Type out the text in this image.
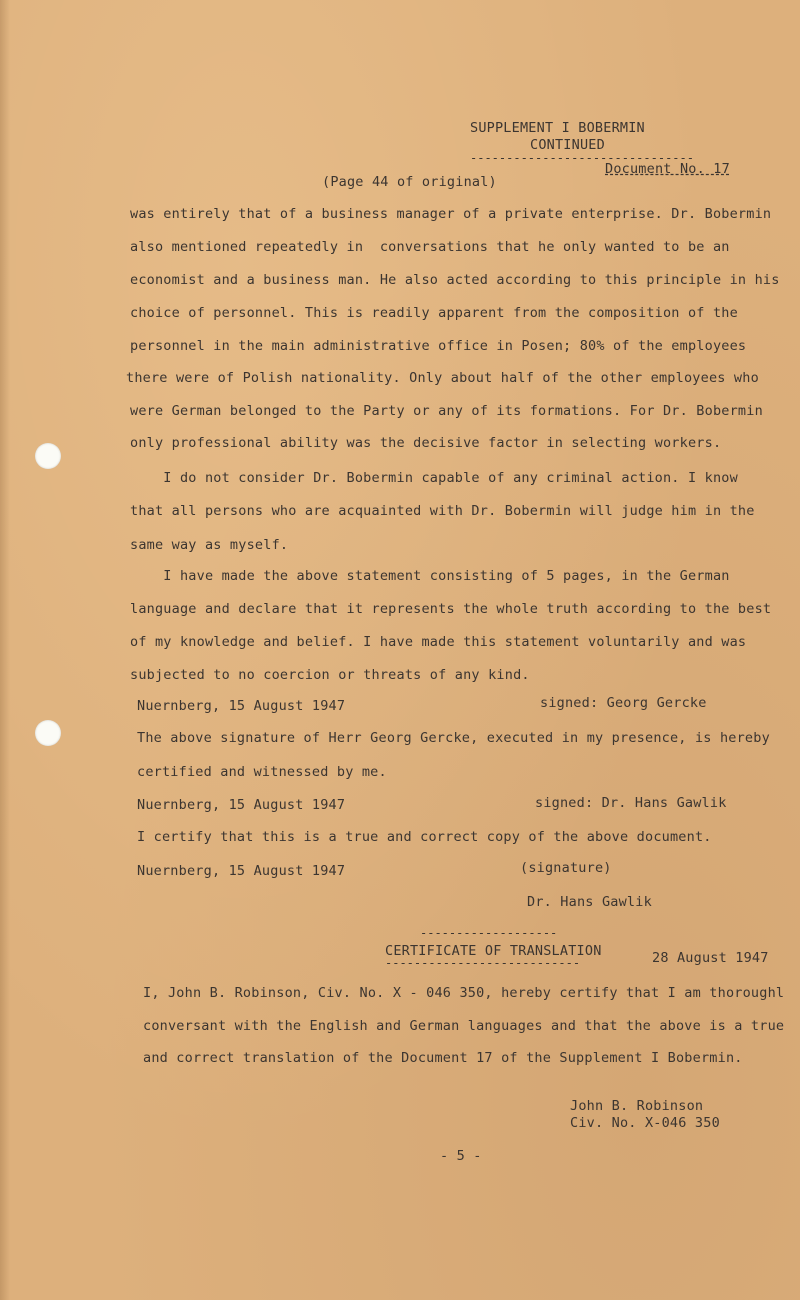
SUPPLEMENT I BOBERMIN

CONTINUED

-------------------------------

Document No. 17

(Page 44 of original)

was entirely that of a business manager of a private enterprise. Dr. Bobermin

also mentioned repeatedly in  conversations that he only wanted to be an

economist and a business man. He also acted according to this principle in his

choice of personnel. This is readily apparent from the composition of the

personnel in the main administrative office in Posen; 80% of the employees

there were of Polish nationality. Only about half of the other employees who

were German belonged to the Party or any of its formations. For Dr. Bobermin

only professional ability was the decisive factor in selecting workers.

I do not consider Dr. Bobermin capable of any criminal action. I know

that all persons who are acquainted with Dr. Bobermin will judge him in the

same way as myself.

I have made the above statement consisting of 5 pages, in the German

language and declare that it represents the whole truth according to the best

of my knowledge and belief. I have made this statement voluntarily and was

subjected to no coercion or threats of any kind.

Nuernberg, 15 August 1947	signed: Georg Gercke

The above signature of Herr Georg Gercke, executed in my presence, is hereby

certified and witnessed by me.

Nuernberg, 15 August 1947	signed: Dr. Hans Gawlik

I certify that this is a true and correct copy of the above document.

Nuernberg, 15 August 1947	(signature)

Dr. Hans Gawlik

-------------------

CERTIFICATE OF TRANSLATION

---------------------------	28 August 1947

I, John B. Robinson, Civ. No. X - 046 350, hereby certify that I am thoroughl

conversant with the English and German languages and that the above is a true

and correct translation of the Document 17 of the Supplement I Bobermin.

John B. Robinson

Civ. No. X-046 350

- 5 -
